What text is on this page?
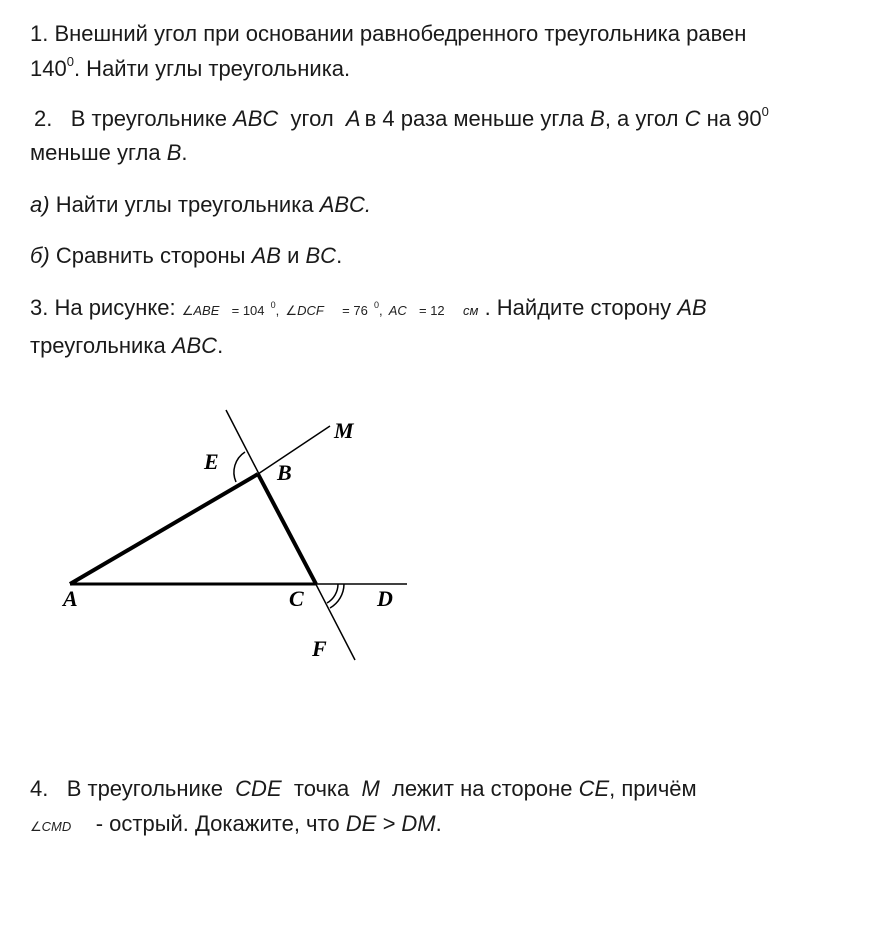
1. Внешний угол при основании равнобедренного треугольника равен
$140^0$. Найти углы треугольника.
2. В треугольнике ABC угол A в 4 раза меньше угла B, а угол C на $90^0$
меньше угла B.
а) Найти углы треугольника ABC.
б) Сравнить стороны AB и BC.
3. На рисунке: ∠ABE = 104 $^0$, ∠DCF = 76 $^0$, AC = 12 см . Найдите сторону AB
треугольника ABC.
M
E	B
A	C	D
F
4. В треугольнике CDE точка M лежит на стороне CE, причём
∠CMD - острый. Докажите, что DE > DM.
